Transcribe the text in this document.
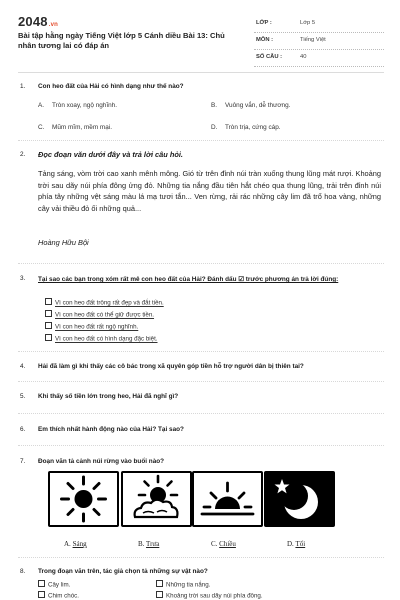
2048.vn
Bài tập hằng ngày Tiếng Việt lớp 5 Cánh diều Bài 13: Chủ nhân tương lai có đáp án
LỚP :	Lớp 5
MÔN :	Tiếng Việt
SỐ CÂU :	40
1.	Con heo đất của Hải có hình dạng như thế nào?
A. Tròn xoay, ngộ nghĩnh.	B. Vuông vắn, dễ thương.
C. Mũm mĩm, mềm mại.	D. Tròn trịa, cứng cáp.
2.	Đọc đoạn văn dưới đây và trả lời câu hỏi.
Tảng sáng, vòm trời cao xanh mênh mông. Gió từ trên đỉnh núi tràn xuống thung lũng mát rượi. Khoảng trời sau dãy núi phía đông ửng đỏ. Những tia nắng đầu tiên hắt chéo qua thung lũng, trải trên đỉnh núi phía tây những vệt sáng màu lá mạ tươi tắn... Ven rừng, rải rác những cây lim đã trổ hoa vàng, những cây vải thiều đỏ ối những quả...
Hoàng Hữu Bội
3.	Tại sao các bạn trong xóm rất mê con heo đất của Hải? Đánh dấu ☑ trước phương án trả lời đúng:
Vì con heo đất trông rất đẹp và đắt tiền.
Vì con heo đất có thể giữ được tiền.
Vì con heo đất rất ngộ nghĩnh.
Vì con heo đất có hình dạng đặc biệt.
4.	Hải đã làm gì khi thấy các cô bác trong xã quyên góp tiền hỗ trợ người dân bị thiên tai?
5.	Khi thấy số tiền lớn trong heo, Hải đã nghĩ gì?
6.	Em thích nhất hành động nào của Hải? Tại sao?
7.	Đoạn văn tả cảnh núi rừng vào buổi nào?
A. Sáng	B. Trưa	C. Chiều	D. Tối
8.	Trong đoạn văn trên, tác giả chọn tả những sự vật nào?
Cây lim.	Những tia nắng.
Chim chóc.	Khoảng trời sau dãy núi phía đông.
